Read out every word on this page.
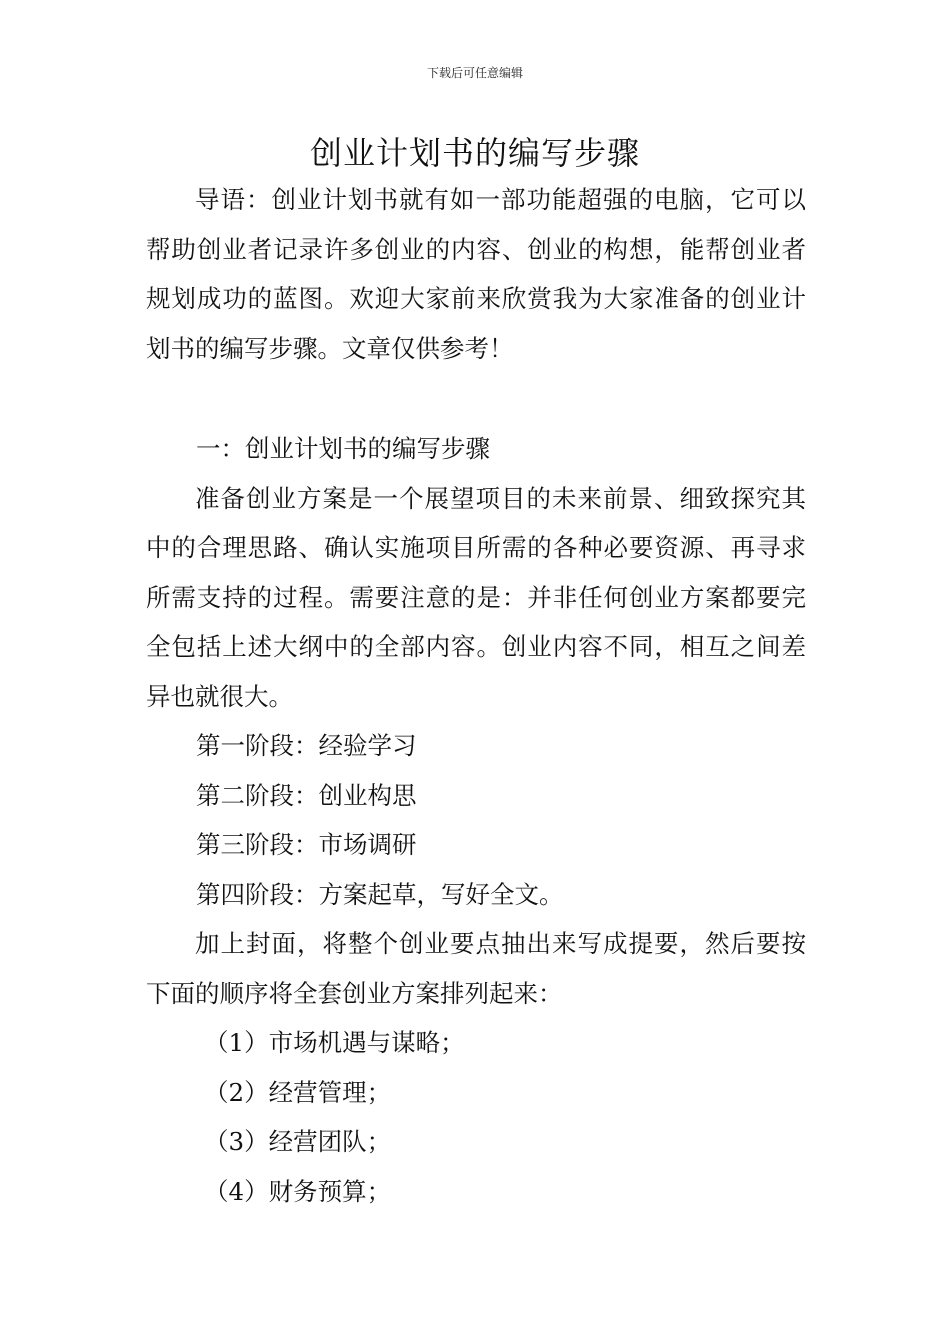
下载后可任意编辑
创业计划书的编写步骤

导语：创业计划书就有如一部功能超强的电脑，它可以帮助创业者记录许多创业的内容、创业的构想，能帮创业者规划成功的蓝图。欢迎大家前来欣赏我为大家准备的创业计划书的编写步骤。文章仅供参考！

一：创业计划书的编写步骤

准备创业方案是一个展望项目的未来前景、细致探究其中的合理思路、确认实施项目所需的各种必要资源、再寻求所需支持的过程。需要注意的是：并非任何创业方案都要完全包括上述大纲中的全部内容。创业内容不同，相互之间差异也就很大。

第一阶段：经验学习

第二阶段：创业构思

第三阶段：市场调研

第四阶段：方案起草，写好全文。

加上封面，将整个创业要点抽出来写成提要，然后要按下面的顺序将全套创业方案排列起来：

（1）市场机遇与谋略；

（2）经营管理；

（3）经营团队；

（4）财务预算；
